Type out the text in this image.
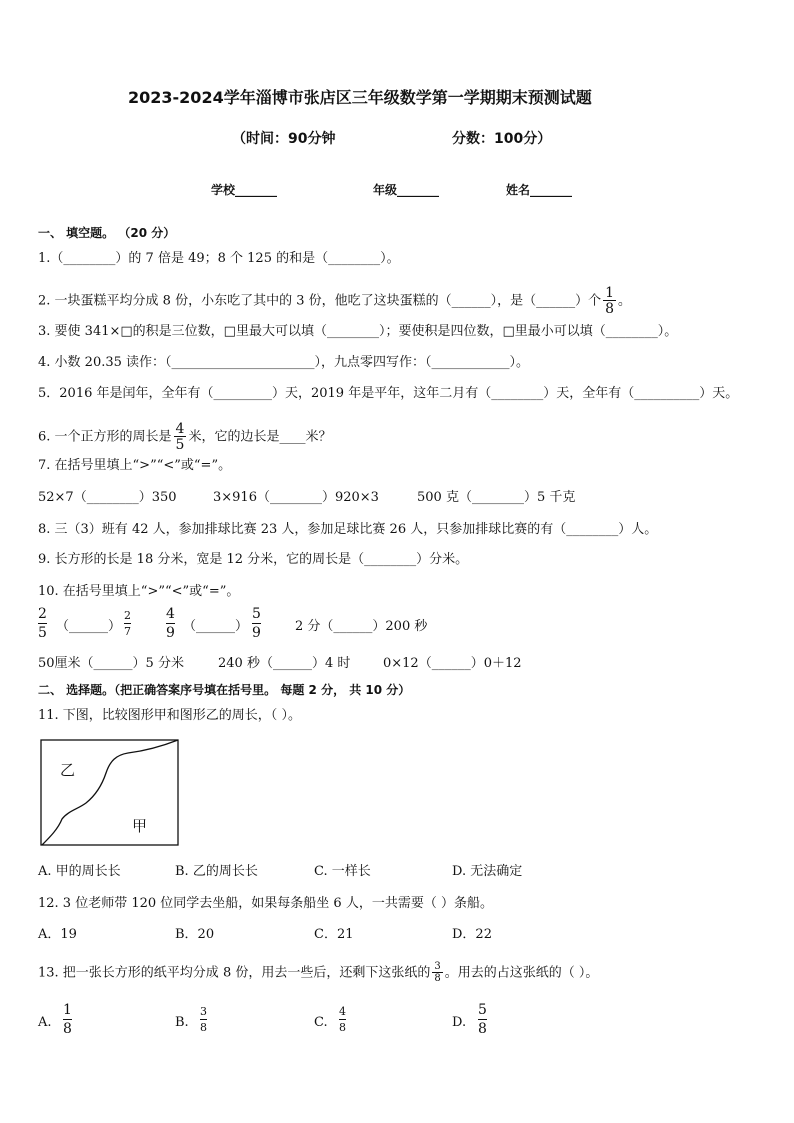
2023-2024学年淄博市张店区三年级数学第一学期期末预测试题
（时间：90分钟	分数：100分）
学校_______	年级_______	姓名_______
一、 填空题。 （20 分）
1.（________）的 7 倍是 49；8 个 125 的和是（________）。
2. 一块蛋糕平均分成 8 份，小东吃了其中的 3 份，他吃了这块蛋糕的（______），是（______）个 $\frac{1}{8}$ 。
3. 要使 341×□的积是三位数，□里最大可以填（________）；要使积是四位数，□里最小可以填（________）。
4. 小数 20.35 读作：（______________________），九点零四写作：（____________）。
5．2016 年是闰年，全年有（_________）天，2019 年是平年，这年二月有（________）天，全年有（__________）天。
6. 一个正方形的周长是 $\frac{4}{5}$ 米，它的边长是____米？
7. 在括号里填上“>”“<”或“=”。
52×7（________）350	3×916（________）920×3	500 克（________）5 千克
8. 三（3）班有 42 人，参加排球比赛 23 人，参加足球比赛 26 人，只参加排球比赛的有（________）人。
9. 长方形的长是 18 分米，宽是 12 分米，它的周长是（________）分米。
10. 在括号里填上“>”“<”或“=”。
2
5 （______）
2
7
4
9 （______）
5
9	2 分（______）200 秒
50厘米（______）5 分米	240 秒（______）4 时	0×12（______）0＋12
二、 选择题。（把正确答案序号填在括号里。 每题 2 分， 共 10 分）
11. 下图，比较图形甲和图形乙的周长，（ ）。
乙
甲
A. 甲的周长长	B. 乙的周长长	C. 一样长	D. 无法确定
12. 3 位老师带 120 位同学去坐船，如果每条船坐 6 人，一共需要（ ）条船。
A．19	B．20	C．21	D．22
13. 把一张长方形的纸平均分成 8 份，用去一些后，还剩下这张纸的 $\frac{3}{8}$ 。用去的占这张纸的（ ）。
A.
1
8	B.
3
8	C.
4
8	D.
5
8
